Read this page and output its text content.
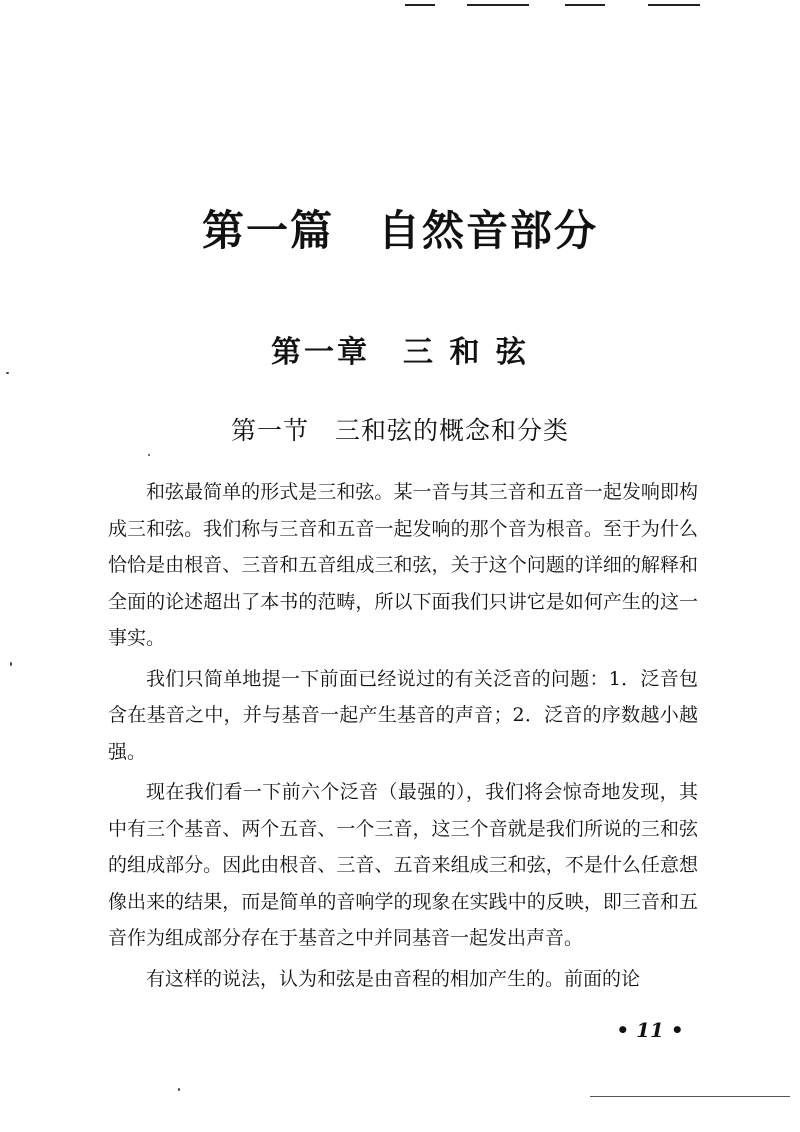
第一篇　自然音部分
第一章　三 和 弦
第一节　三和弦的概念和分类

和弦最简单的形式是三和弦。某一音与其三音和五音一起发响即构成三和弦。我们称与三音和五音一起发响的那个音为根音。至于为什么恰恰是由根音、三音和五音组成三和弦，关于这个问题的详细的解释和全面的论述超出了本书的范畴，所以下面我们只讲它是如何产生的这一事实。

我们只简单地提一下前面已经说过的有关泛音的问题：1．泛音包含在基音之中，并与基音一起产生基音的声音；2．泛音的序数越小越强。

现在我们看一下前六个泛音（最强的），我们将会惊奇地发现，其中有三个基音、两个五音、一个三音，这三个音就是我们所说的三和弦的组成部分。因此由根音、三音、五音来组成三和弦，不是什么任意想像出来的结果，而是简单的音响学的现象在实践中的反映，即三音和五音作为组成部分存在于基音之中并同基音一起发出声音。

有这样的说法，认为和弦是由音程的相加产生的。前面的论

• 11 •
